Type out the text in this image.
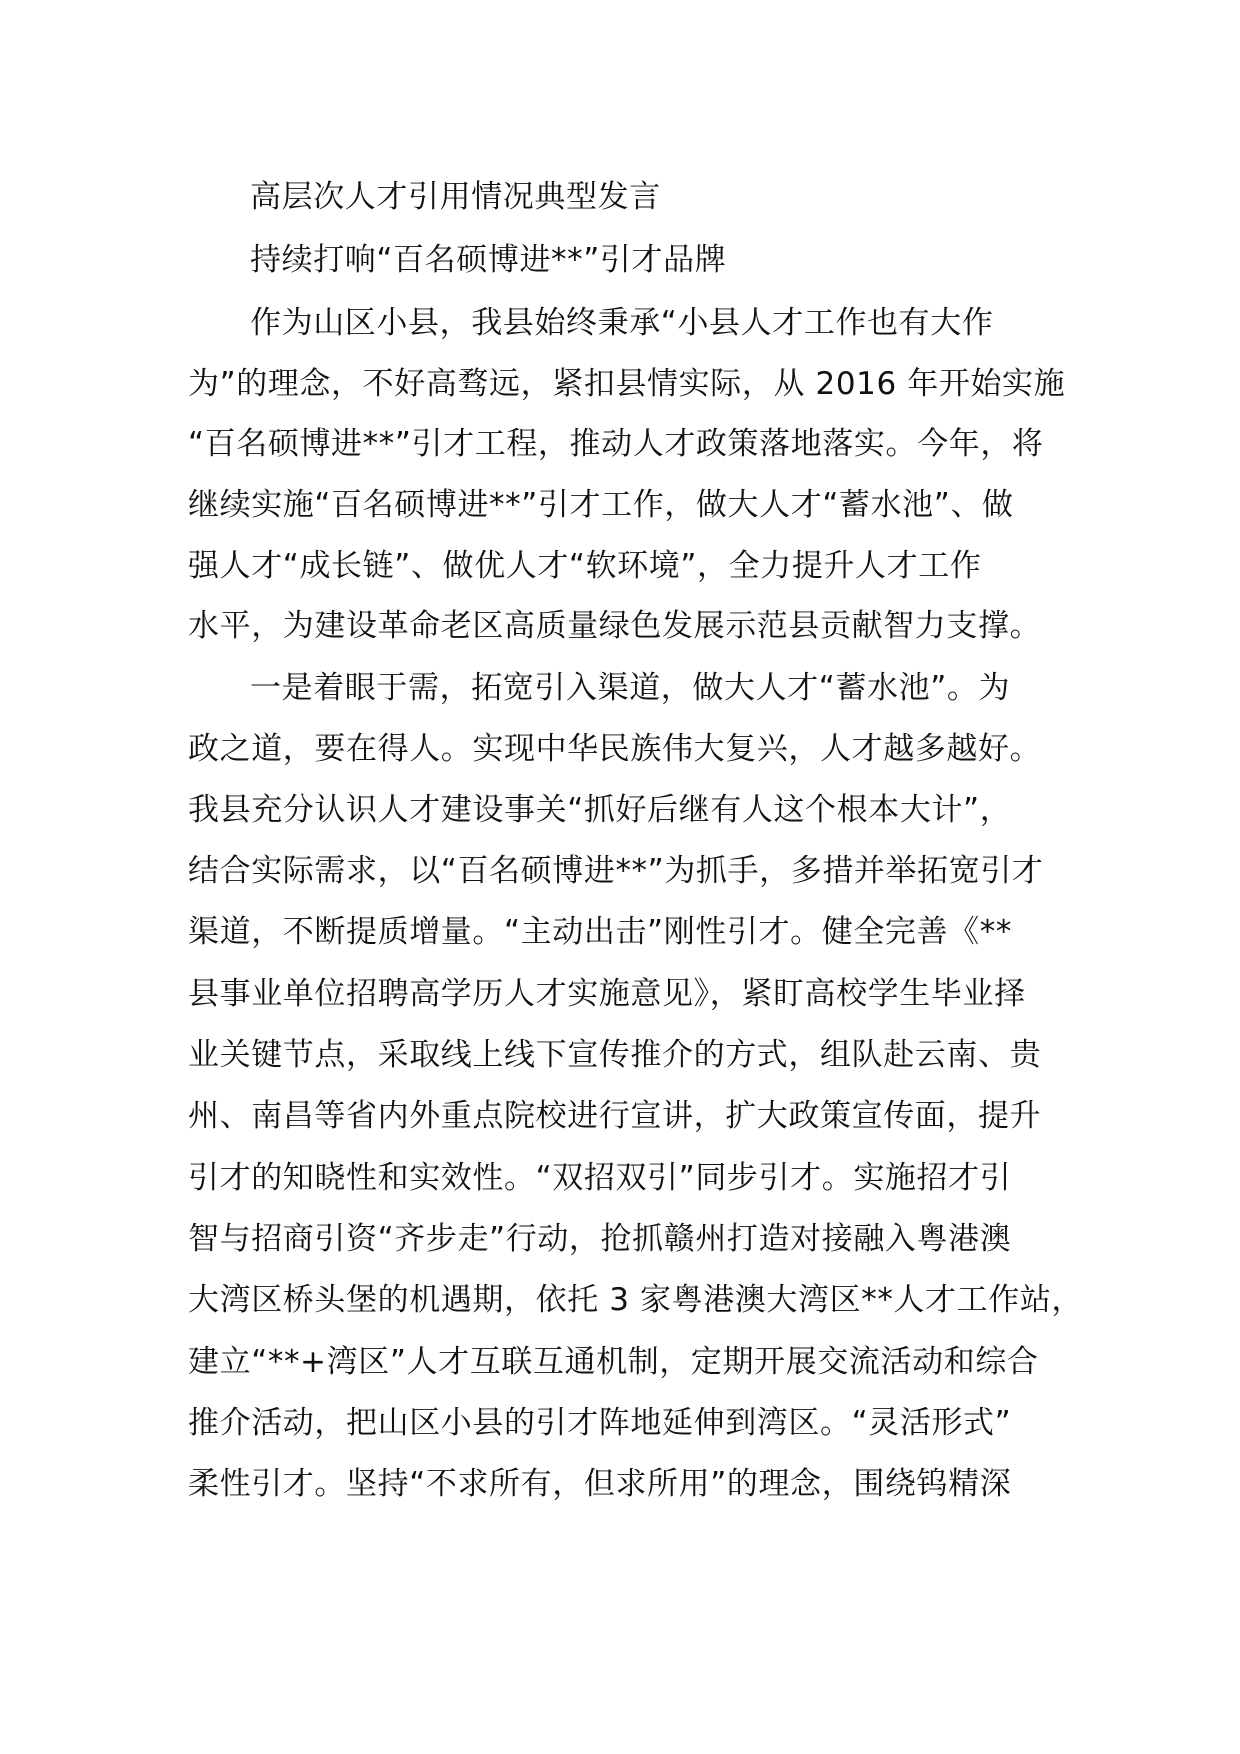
高层次人才引用情况典型发言
持续打响“百名硕博进**”引才品牌
作为山区小县，我县始终秉承“小县人才工作也有大作
为”的理念，不好高骛远，紧扣县情实际，从 2016 年开始实施
“百名硕博进**”引才工程，推动人才政策落地落实。今年，将
继续实施“百名硕博进**”引才工作，做大人才“蓄水池”、做
强人才“成长链”、做优人才“软环境”，全力提升人才工作
水平，为建设革命老区高质量绿色发展示范县贡献智力支撑。
一是着眼于需，拓宽引入渠道，做大人才“蓄水池”。为
政之道，要在得人。实现中华民族伟大复兴，人才越多越好。
我县充分认识人才建设事关“抓好后继有人这个根本大计”，
结合实际需求，以“百名硕博进**”为抓手，多措并举拓宽引才
渠道，不断提质增量。“主动出击”刚性引才。健全完善《**
县事业单位招聘高学历人才实施意见》，紧盯高校学生毕业择
业关键节点，采取线上线下宣传推介的方式，组队赴云南、贵
州、南昌等省内外重点院校进行宣讲，扩大政策宣传面，提升
引才的知晓性和实效性。“双招双引”同步引才。实施招才引
智与招商引资“齐步走”行动，抢抓赣州打造对接融入粤港澳
大湾区桥头堡的机遇期，依托 3 家粤港澳大湾区**人才工作站，
建立“**+湾区”人才互联互通机制，定期开展交流活动和综合
推介活动，把山区小县的引才阵地延伸到湾区。“灵活形式”
柔性引才。坚持“不求所有，但求所用”的理念，围绕钨精深
